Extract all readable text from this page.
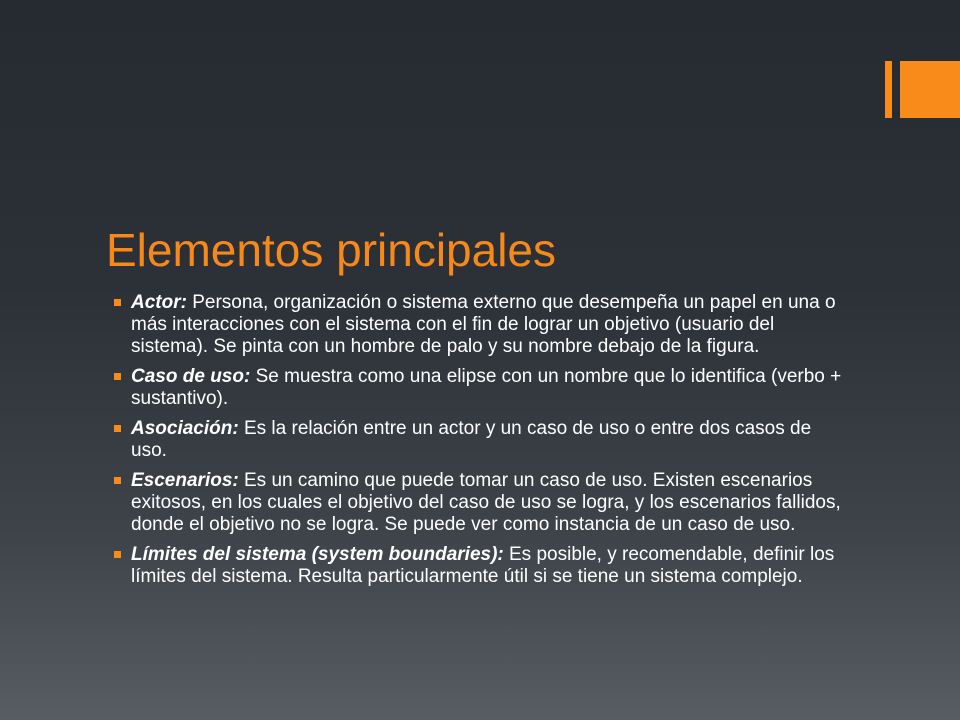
Elementos principales
Actor: Persona, organización o sistema externo que desempeña un papel en una o más interacciones con el sistema con el fin de lograr un objetivo (usuario del sistema). Se pinta con un hombre de palo y su nombre debajo de la figura.
Caso de uso: Se muestra como una elipse con un nombre que lo identifica (verbo + sustantivo).
Asociación: Es la relación entre un actor y un caso de uso o entre dos casos de uso.
Escenarios: Es un camino que puede tomar un caso de uso. Existen escenarios exitosos, en los cuales el objetivo del caso de uso se logra, y los escenarios fallidos, donde el objetivo no se logra. Se puede ver como instancia de un caso de uso.
Límites del sistema (system boundaries): Es posible, y recomendable, definir los límites del sistema. Resulta particularmente útil si se tiene un sistema complejo.
